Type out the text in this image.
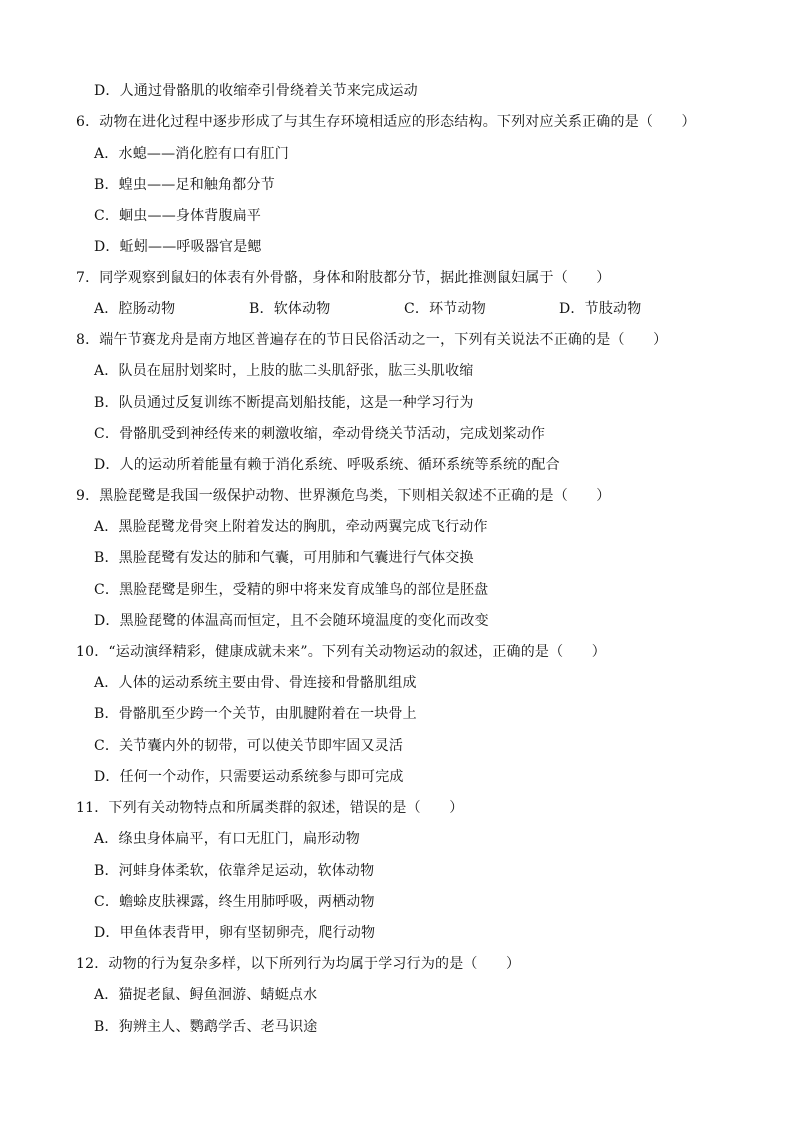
D．人通过骨骼肌的收缩牵引骨绕着关节来完成运动
6．动物在进化过程中逐步形成了与其生存环境相适应的形态结构。下列对应关系正确的是（　　）
A．水螅——消化腔有口有肛门
B．蝗虫——足和触角都分节
C．蛔虫——身体背腹扁平
D．蚯蚓——呼吸器官是鳃
7．同学观察到鼠妇的体表有外骨骼，身体和附肢都分节，据此推测鼠妇属于（　　）
A．腔肠动物	B．软体动物	C．环节动物	D．节肢动物
8．端午节赛龙舟是南方地区普遍存在的节日民俗活动之一，下列有关说法不正确的是（　　）
A．队员在屈肘划桨时，上肢的肱二头肌舒张，肱三头肌收缩
B．队员通过反复训练不断提高划船技能，这是一种学习行为
C．骨骼肌受到神经传来的刺激收缩，牵动骨绕关节活动，完成划桨动作
D．人的运动所着能量有赖于消化系统、呼吸系统、循环系统等系统的配合
9．黑脸琵鹭是我国一级保护动物、世界濒危鸟类，下则相关叙述不正确的是（　　）
A．黑脸琵鹭龙骨突上附着发达的胸肌，牵动两翼完成飞行动作
B．黑脸琵鹭有发达的肺和气囊，可用肺和气囊进行气体交换
C．黑脸琵鹭是卵生，受精的卵中将来发育成雏鸟的部位是胚盘
D．黑脸琵鹭的体温高而恒定，且不会随环境温度的变化而改变
10．“运动演绎精彩，健康成就未来”。下列有关动物运动的叙述，正确的是（　　）
A．人体的运动系统主要由骨、骨连接和骨骼肌组成
B．骨骼肌至少跨一个关节，由肌腱附着在一块骨上
C．关节囊内外的韧带，可以使关节即牢固又灵活
D．任何一个动作，只需要运动系统参与即可完成
11．下列有关动物特点和所属类群的叙述，错误的是（　　）
A．绦虫身体扁平，有口无肛门，扁形动物
B．河蚌身体柔软，依靠斧足运动，软体动物
C．蟾蜍皮肤裸露，终生用肺呼吸，两栖动物
D．甲鱼体表背甲，卵有坚韧卵壳，爬行动物
12．动物的行为复杂多样，以下所列行为均属于学习行为的是（　　）
A．猫捉老鼠、鲟鱼洄游、蜻蜓点水
B．狗辨主人、鹦鹉学舌、老马识途
